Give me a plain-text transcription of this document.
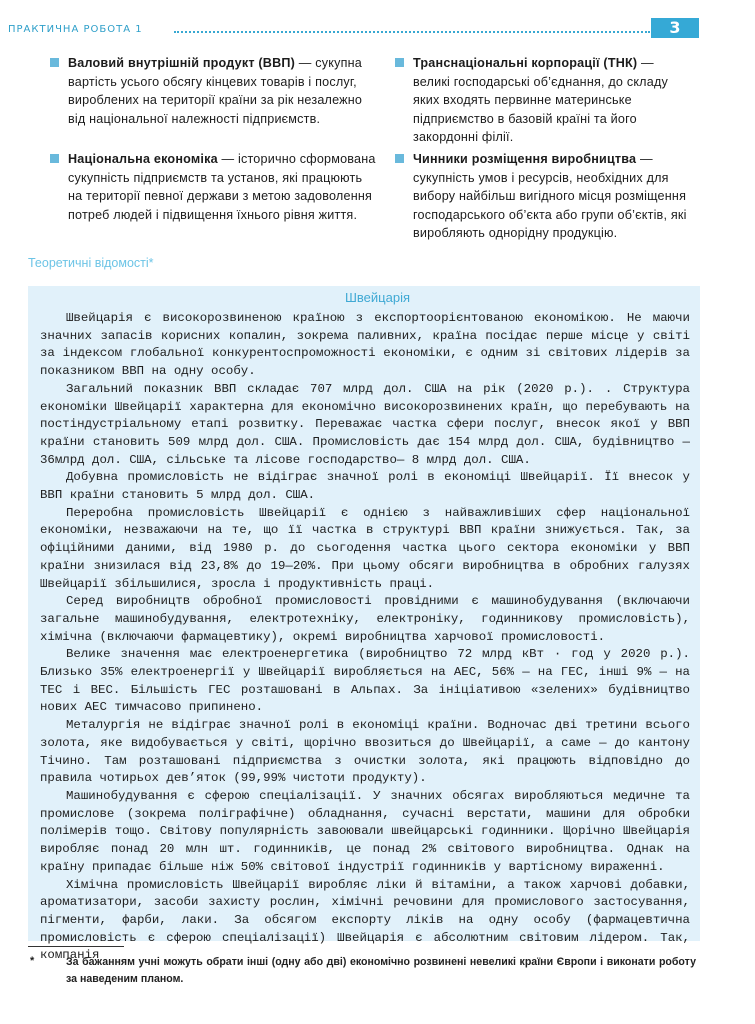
ПРАКТИЧНА РОБОТА 1	3
Валовий внутрішній продукт (ВВП) — сукупна вартість усього обсягу кінцевих товарів і послуг, вироблених на території країни за рік незалежно від національної належності підприємств.
Транснаціональні корпорації (ТНК) — великі господарські об’єднання, до складу яких входять первинне материнське підприємство в базовій країні та його закордонні філії.
Національна економіка — історично сформована сукупність підприємств та установ, які працюють на території певної держави з метою задоволення потреб людей і підвищення їхнього рівня життя.
Чинники розміщення виробництва — сукупність умов і ресурсів, необхідних для вибору найбільш вигідного місця розміщення господарського об’єкта або групи об’єктів, які виробляють однорідну продукцію.
Теоретичні відомості*
Швейцарія

Швейцарія є високорозвиненою країною з експортоорієнтованою економікою. Не маючи значних запасів корисних копалин, зокрема паливних, країна посідає перше місце у світі за індексом глобальної конкурентоспроможності економіки, є одним зі світових лідерів за показником ВВП на одну особу.

Загальний показник ВВП складає 707 млрд дол. США на рік (2020 р.). . Структура економіки Швейцарії характерна для економічно високорозвинених країн, що перебувають на постіндустріальному етапі розвитку. Переважає частка сфери послуг, внесок якої у ВВП країни становить 509 млрд дол. США. Промисловість дає 154 млрд дол. США, будівництво — 36млрд дол. США, сільське та лісове господарство— 8 млрд дол. США.

Добувна промисловість не відіграє значної ролі в економіці Швейцарії. Її внесок у ВВП країни становить 5 млрд дол. США.

Переробна промисловість Швейцарії є однією з найважливіших сфер національної економіки, незважаючи на те, що її частка в структурі ВВП країни знижується. Так, за офіційними даними, від 1980 р. до сьогодення частка цього сектора економіки у ВВП країни знизилася від 23,8% до 19—20%. При цьому обсяги виробництва в обробних галузях Швейцарії збільшилися, зросла і продуктивність праці.

Серед виробництв обробної промисловості провідними є машинобудування (включаючи загальне машинобудування, електротехніку, електроніку, годинникову промисловість), хімічна (включаючи фармацевтику), окремі виробництва харчової промисловості.

Велике значення має електроенергетика (виробництво 72 млрд кВт · год у 2020 р.). Близько 35% електроенергії у Швейцарії виробляється на АЕС, 56% — на ГЕС, інші 9% — на ТЕС і ВЕС. Більшість ГЕС розташовані в Альпах. За ініціативою «зелених» будівництво нових АЕС тимчасово припинено.

Металургія не відіграє значної ролі в економіці країни. Водночас дві третини всього золота, яке видобувається у світі, щорічно ввозиться до Швейцарії, а саме — до кантону Тічино. Там розташовані підприємства з очистки золота, які працюють відповідно до правила чотирьох дев’яток (99,99% чистоти продукту).

Машинобудування є сферою спеціалізації. У значних обсягах виробляються медичне та промислове (зокрема поліграфічне) обладнання, сучасні верстати, машини для обробки полімерів тощо. Світову популярність завоювали швейцарські годинники. Щорічно Швейцарія виробляє понад 20 млн шт. годинників, це понад 2% світового виробництва. Однак на країну припадає більше ніж 50% світової індустрії годинників у вартісному вираженні.

Хімічна промисловість Швейцарії виробляє ліки й вітаміни, а також харчові добавки, ароматизатори, засоби захисту рослин, хімічні речовини для промислового застосування, пігменти, фарби, лаки. За обсягом експорту ліків на одну особу (фармацевтична промисловість є сферою спеціалізації) Швейцарія є абсолютним світовим лідером. Так, компанія

*	За бажанням учні можуть обрати інші (одну або дві) економічно розвинені невеликі країни Європи і виконати роботу за наведеним планом.
